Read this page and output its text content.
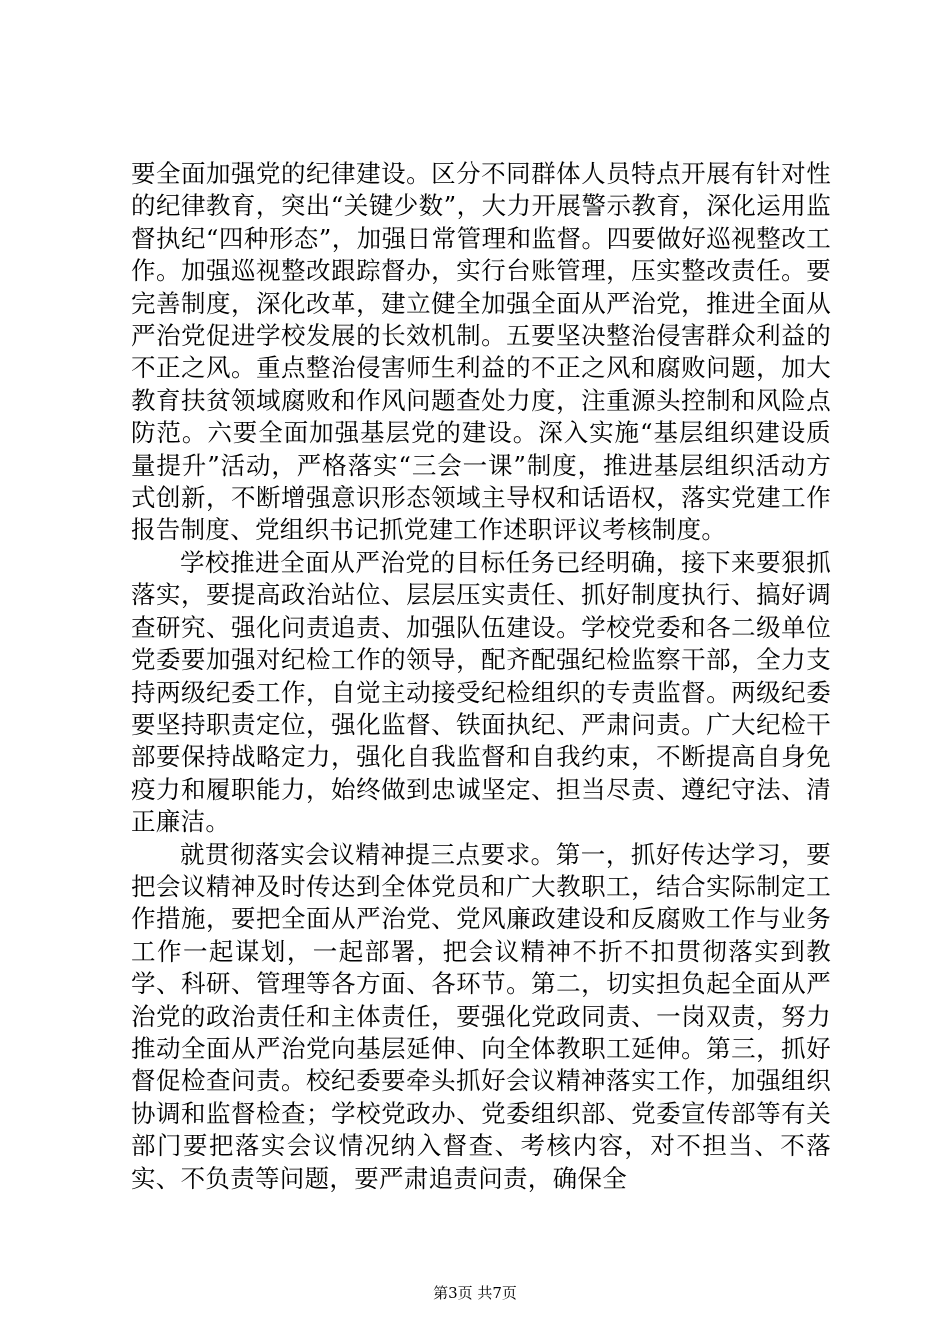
要全面加强党的纪律建设。区分不同群体人员特点开展有针对性的纪律教育，突出“关键少数”，大力开展警示教育，深化运用监督执纪“四种形态”，加强日常管理和监督。四要做好巡视整改工作。加强巡视整改跟踪督办，实行台账管理，压实整改责任。要完善制度，深化改革，建立健全加强全面从严治党，推进全面从严治党促进学校发展的长效机制。五要坚决整治侵害群众利益的不正之风。重点整治侵害师生利益的不正之风和腐败问题，加大教育扶贫领域腐败和作风问题查处力度，注重源头控制和风险点防范。六要全面加强基层党的建设。深入实施“基层组织建设质量提升”活动，严格落实“三会一课”制度，推进基层组织活动方式创新，不断增强意识形态领域主导权和话语权，落实党建工作报告制度、党组织书记抓党建工作述职评议考核制度。

学校推进全面从严治党的目标任务已经明确，接下来要狠抓落实，要提高政治站位、层层压实责任、抓好制度执行、搞好调查研究、强化问责追责、加强队伍建设。学校党委和各二级单位党委要加强对纪检工作的领导，配齐配强纪检监察干部，全力支持两级纪委工作，自觉主动接受纪检组织的专责监督。两级纪委要坚持职责定位，强化监督、铁面执纪、严肃问责。广大纪检干部要保持战略定力，强化自我监督和自我约束，不断提高自身免疫力和履职能力，始终做到忠诚坚定、担当尽责、遵纪守法、清正廉洁。

就贯彻落实会议精神提三点要求。第一，抓好传达学习，要把会议精神及时传达到全体党员和广大教职工，结合实际制定工作措施，要把全面从严治党、党风廉政建设和反腐败工作与业务工作一起谋划，一起部署，把会议精神不折不扣贯彻落实到教学、科研、管理等各方面、各环节。第二，切实担负起全面从严治党的政治责任和主体责任，要强化党政同责、一岗双责，努力推动全面从严治党向基层延伸、向全体教职工延伸。第三，抓好督促检查问责。校纪委要牵头抓好会议精神落实工作，加强组织协调和监督检查；学校党政办、党委组织部、党委宣传部等有关部门要把落实会议情况纳入督查、考核内容，对不担当、不落实、不负责等问题，要严肃追责问责，确保全

第3页 共7页
